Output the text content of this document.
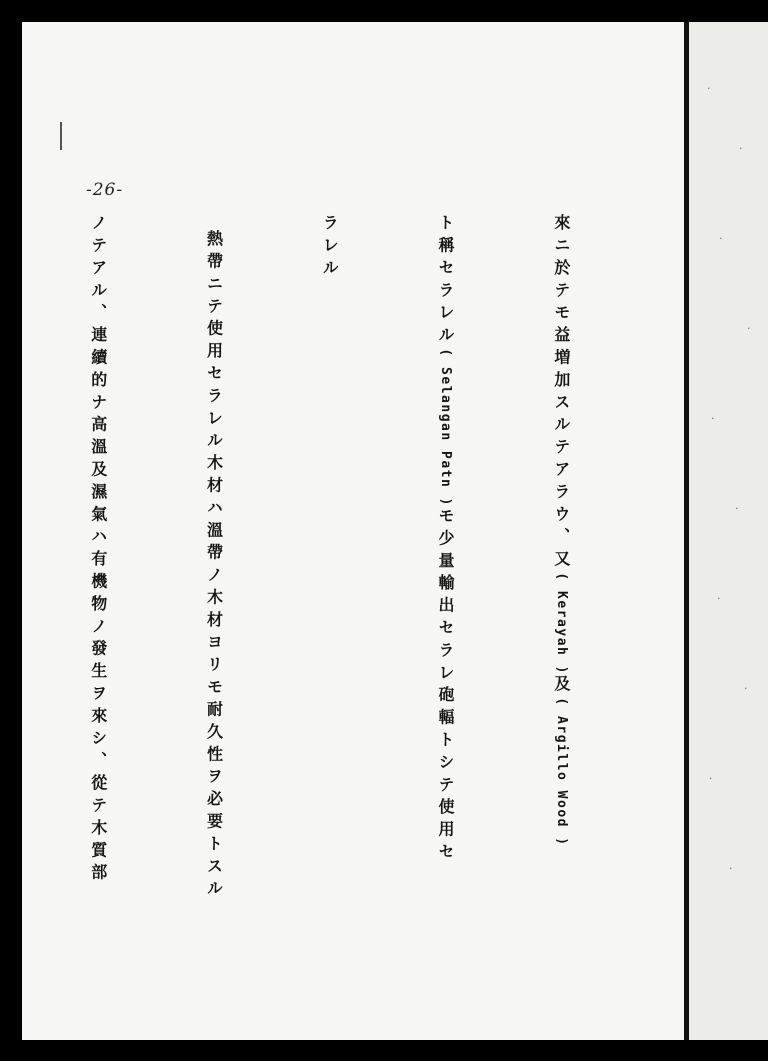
-26-

來ニ於テモ益増加スルテアラウ、又( Kerayah )及( Argillo Wood )

ト稱セラレル( Selangan Patn )モ少量輸出セラレ砲輻トシテ使用セ

ラレル

熱帶ニテ使用セラレル木材ハ溫帶ノ木材ヨリモ耐久性ヲ必要トスル

ノテアル、連續的ナ高溫及濕氣ハ有機物ノ發生ヲ來シ、從テ木質部

·
·
·
·
·
·
·
·
·
·
